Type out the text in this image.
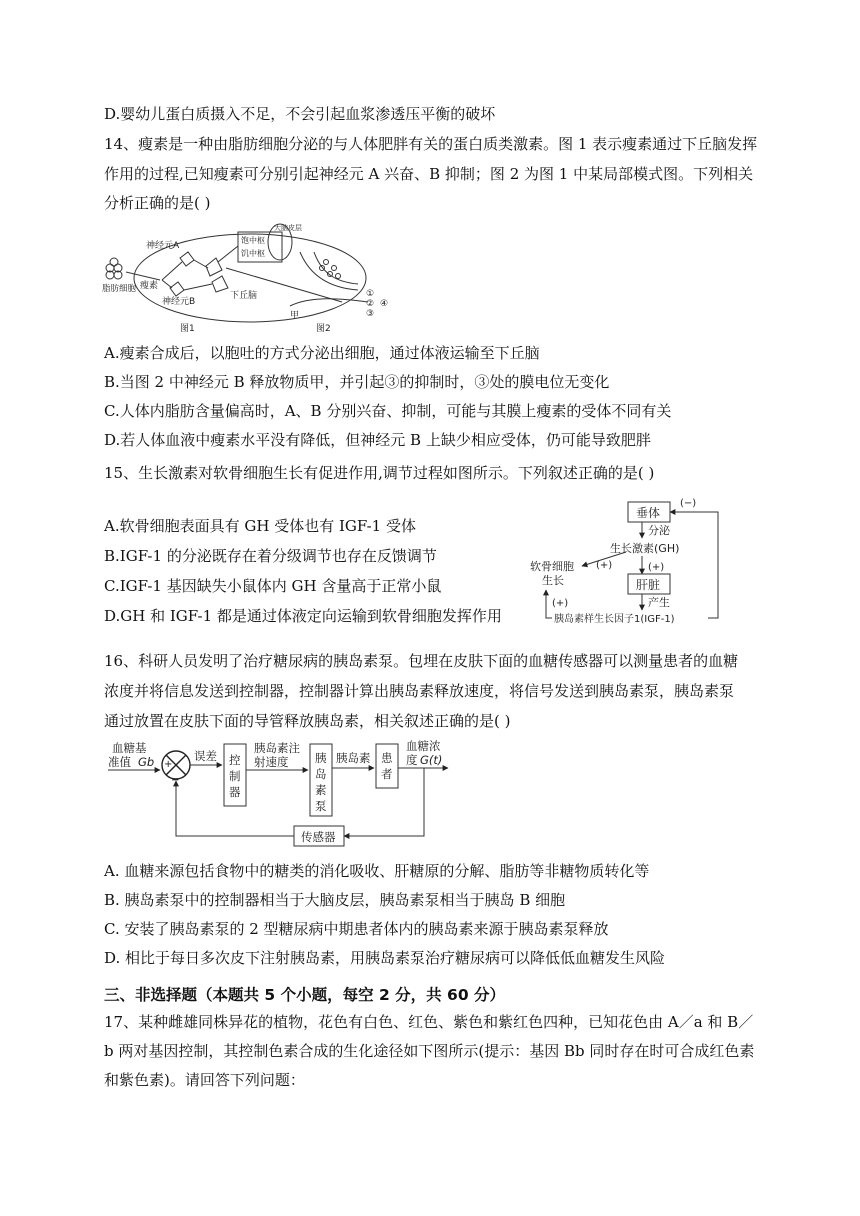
D.婴幼儿蛋白质摄入不足，不会引起血浆渗透压平衡的破坏
14、瘦素是一种由脂肪细胞分泌的与人体肥胖有关的蛋白质类激素。图 1 表示瘦素通过下丘脑发挥
作用的过程,已知瘦素可分别引起神经元 A 兴奋、B 抑制；图 2 为图 1 中某局部模式图。下列相关
分析正确的是( )
脂肪细胞 瘦素
神经元A
神经元B
下丘脑
饱中枢
饥中枢
大脑皮层
甲
①
②
③
④
图1	图2
A.瘦素合成后，以胞吐的方式分泌出细胞，通过体液运输至下丘脑
B.当图 2 中神经元 B 释放物质甲，并引起③的抑制时，③处的膜电位无变化
C.人体内脂肪含量偏高时，A、B 分别兴奋、抑制，可能与其膜上瘦素的受体不同有关
D.若人体血液中瘦素水平没有降低，但神经元 B 上缺少相应受体，仍可能导致肥胖
15、生长激素对软骨细胞生长有促进作用,调节过程如图所示。下列叙述正确的是( )
A.软骨细胞表面具有 GH 受体也有 IGF-1 受体
B.IGF-1 的分泌既存在着分级调节也存在反馈调节
C.IGF-1 基因缺失小鼠体内 GH 含量高于正常小鼠
D.GH 和 IGF-1 都是通过体液定向运输到软骨细胞发挥作用
垂体
(−)
分泌
生长激素(GH)
(+)
肝脏
(+)
软骨细胞
生长
产生
胰岛素样生长因子1(IGF-1)
(+)
16、科研人员发明了治疗糖尿病的胰岛素泵。包埋在皮肤下面的血糖传感器可以测量患者的血糖
浓度并将信息发送到控制器，控制器计算出胰岛素释放速度，将信号发送到胰岛素泵，胰岛素泵
通过放置在皮肤下面的导管释放胰岛素，相关叙述正确的是( )
血糖基
准值 Gb +
−
误差 控
制
器
胰岛素注
射速度 胰
岛
素
泵
胰岛素 患
者
血糖浓
度 G(t)
传感器
A. 血糖来源包括食物中的糖类的消化吸收、肝糖原的分解、脂肪等非糖物质转化等
B. 胰岛素泵中的控制器相当于大脑皮层，胰岛素泵相当于胰岛 B 细胞
C. 安装了胰岛素泵的 2 型糖尿病中期患者体内的胰岛素来源于胰岛素泵释放
D. 相比于每日多次皮下注射胰岛素，用胰岛素泵治疗糖尿病可以降低低血糖发生风险
三、非选择题（本题共 5 个小题，每空 2 分，共 60 分）
17、某种雌雄同株异花的植物，花色有白色、红色、紫色和紫红色四种，已知花色由 A／a 和 B／
b 两对基因控制，其控制色素合成的生化途径如下图所示(提示：基因 Bb 同时存在时可合成红色素
和紫色素)。请回答下列问题：
